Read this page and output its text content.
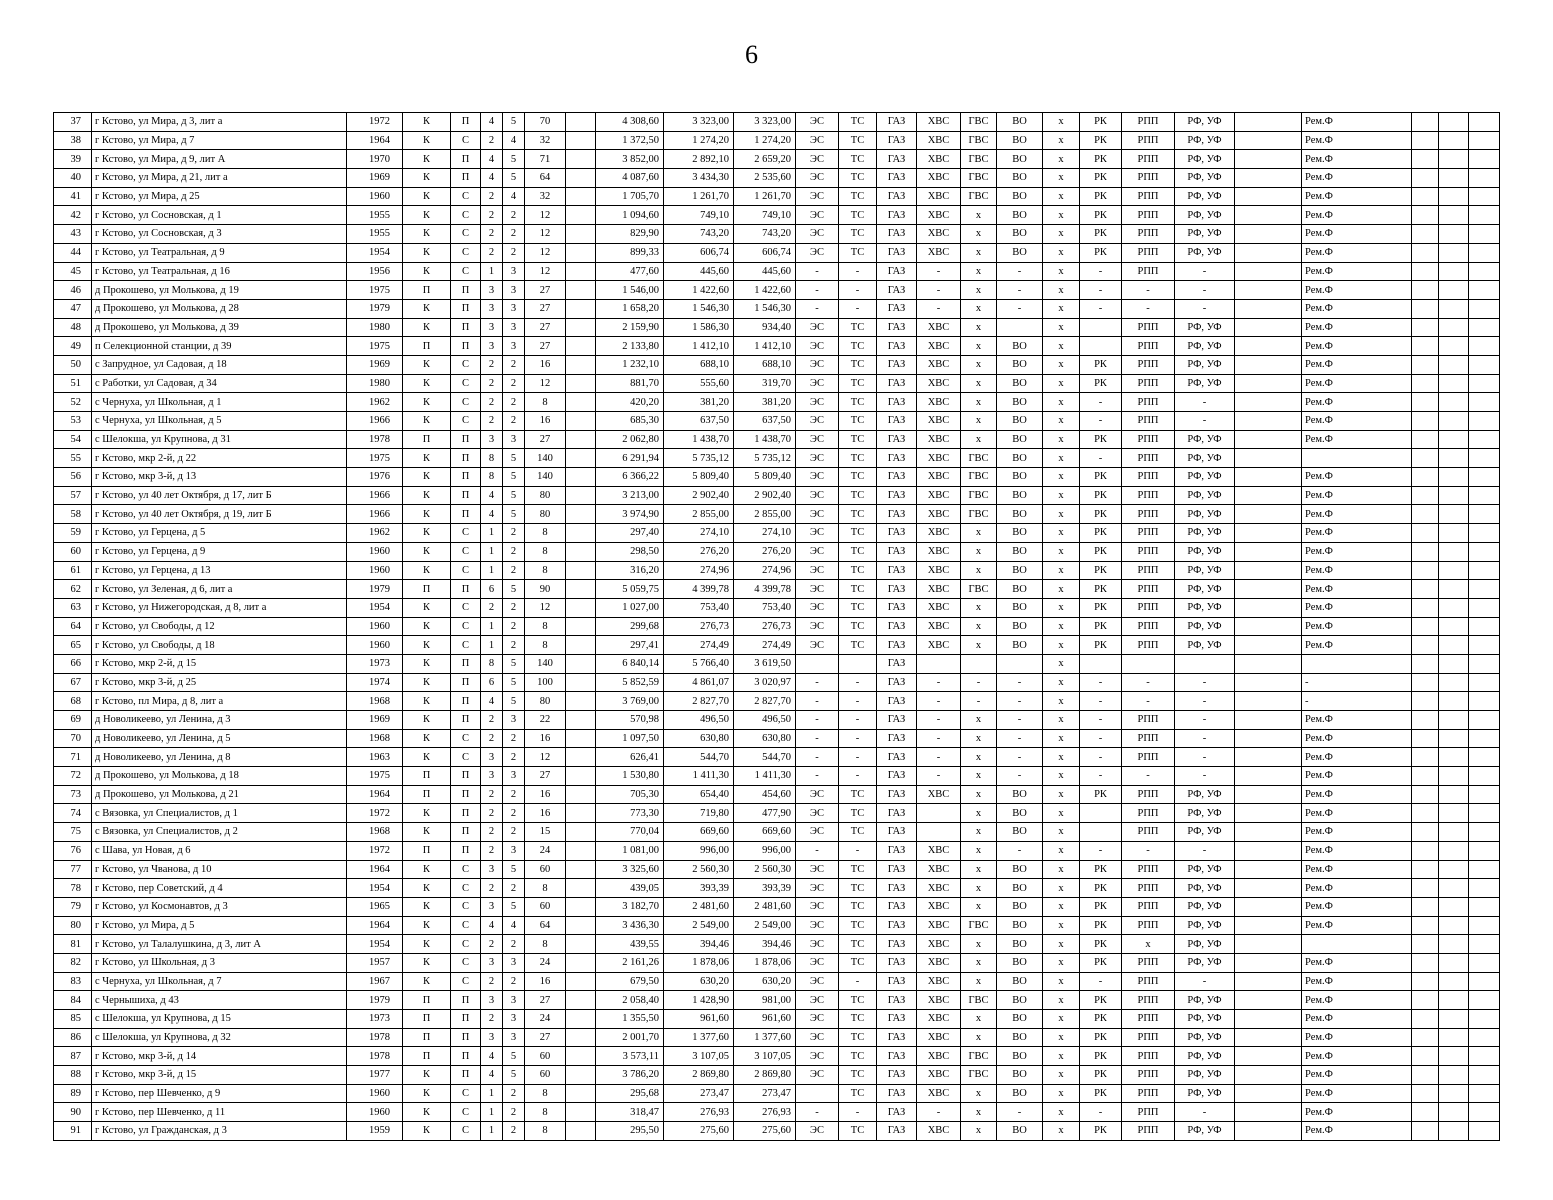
6
37	г Кстово, ул Мира, д 3, лит а	1972	К	П	4	5	70		4 308,60	3 323,00	3 323,00	ЭС	ТС	ГАЗ	ХВС	ГВС	ВО	х	РК	РПП	РФ, УФ		Рем.Ф			
38	г Кстово, ул Мира, д 7	1964	К	С	2	4	32		1 372,50	1 274,20	1 274,20	ЭС	ТС	ГАЗ	ХВС	ГВС	ВО	х	РК	РПП	РФ, УФ		Рем.Ф			
39	г Кстово, ул Мира, д 9, лит А	1970	К	П	4	5	71		3 852,00	2 892,10	2 659,20	ЭС	ТС	ГАЗ	ХВС	ГВС	ВО	х	РК	РПП	РФ, УФ		Рем.Ф			
40	г Кстово, ул Мира, д 21, лит а	1969	К	П	4	5	64		4 087,60	3 434,30	2 535,60	ЭС	ТС	ГАЗ	ХВС	ГВС	ВО	х	РК	РПП	РФ, УФ		Рем.Ф			
41	г Кстово, ул Мира, д 25	1960	К	С	2	4	32		1 705,70	1 261,70	1 261,70	ЭС	ТС	ГАЗ	ХВС	ГВС	ВО	х	РК	РПП	РФ, УФ		Рем.Ф			
42	г Кстово, ул Сосновская, д 1	1955	К	С	2	2	12		1 094,60	749,10	749,10	ЭС	ТС	ГАЗ	ХВС	х	ВО	х	РК	РПП	РФ, УФ		Рем.Ф			
43	г Кстово, ул Сосновская, д 3	1955	К	С	2	2	12		829,90	743,20	743,20	ЭС	ТС	ГАЗ	ХВС	х	ВО	х	РК	РПП	РФ, УФ		Рем.Ф			
44	г Кстово, ул Театральная, д 9	1954	К	С	2	2	12		899,33	606,74	606,74	ЭС	ТС	ГАЗ	ХВС	х	ВО	х	РК	РПП	РФ, УФ		Рем.Ф			
45	г Кстово, ул Театральная, д 16	1956	К	С	1	3	12		477,60	445,60	445,60	-	-	ГАЗ	-	х	-	х	-	РПП	-		Рем.Ф			
46	д Прокошево, ул Молькова, д 19	1975	П	П	3	3	27		1 546,00	1 422,60	1 422,60	-	-	ГАЗ	-	х	-	х	-	-	-		Рем.Ф			
47	д Прокошево, ул Молькова, д 28	1979	К	П	3	3	27		1 658,20	1 546,30	1 546,30	-	-	ГАЗ	-	х	-	х	-	-	-		Рем.Ф			
48	д Прокошево, ул Молькова, д 39	1980	К	П	3	3	27		2 159,90	1 586,30	934,40	ЭС	ТС	ГАЗ	ХВС	х		х		РПП	РФ, УФ		Рем.Ф			
49	п Селекционной станции, д 39	1975	П	П	3	3	27		2 133,80	1 412,10	1 412,10	ЭС	ТС	ГАЗ	ХВС	х	ВО	х		РПП	РФ, УФ		Рем.Ф			
50	с Запрудное, ул Садовая, д 18	1969	К	С	2	2	16		1 232,10	688,10	688,10	ЭС	ТС	ГАЗ	ХВС	х	ВО	х	РК	РПП	РФ, УФ		Рем.Ф			
51	с Работки, ул Садовая, д 34	1980	К	С	2	2	12		881,70	555,60	319,70	ЭС	ТС	ГАЗ	ХВС	х	ВО	х	РК	РПП	РФ, УФ		Рем.Ф			
52	с Чернуха, ул Школьная, д 1	1962	К	С	2	2	8		420,20	381,20	381,20	ЭС	ТС	ГАЗ	ХВС	х	ВО	х	-	РПП	-		Рем.Ф			
53	с Чернуха, ул Школьная, д 5	1966	К	С	2	2	16		685,30	637,50	637,50	ЭС	ТС	ГАЗ	ХВС	х	ВО	х	-	РПП	-		Рем.Ф			
54	с Шелокша, ул Крупнова, д 31	1978	П	П	3	3	27		2 062,80	1 438,70	1 438,70	ЭС	ТС	ГАЗ	ХВС	х	ВО	х	РК	РПП	РФ, УФ		Рем.Ф			
55	г Кстово, мкр 2-й, д 22	1975	К	П	8	5	140		6 291,94	5 735,12	5 735,12	ЭС	ТС	ГАЗ	ХВС	ГВС	ВО	х	-	РПП	РФ, УФ					
56	г Кстово, мкр 3-й, д 13	1976	К	П	8	5	140		6 366,22	5 809,40	5 809,40	ЭС	ТС	ГАЗ	ХВС	ГВС	ВО	х	РК	РПП	РФ, УФ		Рем.Ф			
57	г Кстово, ул 40 лет Октября, д 17, лит Б	1966	К	П	4	5	80		3 213,00	2 902,40	2 902,40	ЭС	ТС	ГАЗ	ХВС	ГВС	ВО	х	РК	РПП	РФ, УФ		Рем.Ф			
58	г Кстово, ул 40 лет Октября, д 19, лит Б	1966	К	П	4	5	80		3 974,90	2 855,00	2 855,00	ЭС	ТС	ГАЗ	ХВС	ГВС	ВО	х	РК	РПП	РФ, УФ		Рем.Ф			
59	г Кстово, ул Герцена, д 5	1962	К	С	1	2	8		297,40	274,10	274,10	ЭС	ТС	ГАЗ	ХВС	х	ВО	х	РК	РПП	РФ, УФ		Рем.Ф			
60	г Кстово, ул Герцена, д 9	1960	К	С	1	2	8		298,50	276,20	276,20	ЭС	ТС	ГАЗ	ХВС	х	ВО	х	РК	РПП	РФ, УФ		Рем.Ф			
61	г Кстово, ул Герцена, д 13	1960	К	С	1	2	8		316,20	274,96	274,96	ЭС	ТС	ГАЗ	ХВС	х	ВО	х	РК	РПП	РФ, УФ		Рем.Ф			
62	г Кстово, ул Зеленая, д 6, лит а	1979	П	П	6	5	90		5 059,75	4 399,78	4 399,78	ЭС	ТС	ГАЗ	ХВС	ГВС	ВО	х	РК	РПП	РФ, УФ		Рем.Ф			
63	г Кстово, ул Нижегородская, д 8, лит а	1954	К	С	2	2	12		1 027,00	753,40	753,40	ЭС	ТС	ГАЗ	ХВС	х	ВО	х	РК	РПП	РФ, УФ		Рем.Ф			
64	г Кстово, ул Свободы, д 12	1960	К	С	1	2	8		299,68	276,73	276,73	ЭС	ТС	ГАЗ	ХВС	х	ВО	х	РК	РПП	РФ, УФ		Рем.Ф			
65	г Кстово, ул Свободы, д 18	1960	К	С	1	2	8		297,41	274,49	274,49	ЭС	ТС	ГАЗ	ХВС	х	ВО	х	РК	РПП	РФ, УФ		Рем.Ф			
66	г Кстово, мкр 2-й, д 15	1973	К	П	8	5	140		6 840,14	5 766,40	3 619,50			ГАЗ				х								
67	г Кстово, мкр 3-й, д 25	1974	К	П	6	5	100		5 852,59	4 861,07	3 020,97	-	-	ГАЗ	-	-	-	х	-	-	-		-			
68	г Кстово, пл Мира, д 8, лит а	1968	К	П	4	5	80		3 769,00	2 827,70	2 827,70	-	-	ГАЗ	-	-	-	х	-	-	-		-			
69	д Новоликеево, ул Ленина, д 3	1969	К	П	2	3	22		570,98	496,50	496,50	-	-	ГАЗ	-	х	-	х	-	РПП	-		Рем.Ф			
70	д Новоликеево, ул Ленина, д 5	1968	К	С	2	2	16		1 097,50	630,80	630,80	-	-	ГАЗ	-	х	-	х	-	РПП	-		Рем.Ф			
71	д Новоликеево, ул Ленина, д 8	1963	К	С	3	2	12		626,41	544,70	544,70	-	-	ГАЗ	-	х	-	х	-	РПП	-		Рем.Ф			
72	д Прокошево, ул Молькова, д 18	1975	П	П	3	3	27		1 530,80	1 411,30	1 411,30	-	-	ГАЗ	-	х	-	х	-	-	-		Рем.Ф			
73	д Прокошево, ул Молькова, д 21	1964	П	П	2	2	16		705,30	654,40	454,60	ЭС	ТС	ГАЗ	ХВС	х	ВО	х	РК	РПП	РФ, УФ		Рем.Ф			
74	с Вязовка, ул Специалистов, д 1	1972	К	П	2	2	16		773,30	719,80	477,90	ЭС	ТС	ГАЗ		х	ВО	х		РПП	РФ, УФ		Рем.Ф			
75	с Вязовка, ул Специалистов, д 2	1968	К	П	2	2	15		770,04	669,60	669,60	ЭС	ТС	ГАЗ		х	ВО	х		РПП	РФ, УФ		Рем.Ф			
76	с Шава, ул Новая, д 6	1972	П	П	2	3	24		1 081,00	996,00	996,00	-	-	ГАЗ	ХВС	х	-	х	-	-	-		Рем.Ф			
77	г Кстово, ул Чванова, д 10	1964	К	С	3	5	60		3 325,60	2 560,30	2 560,30	ЭС	ТС	ГАЗ	ХВС	х	ВО	х	РК	РПП	РФ, УФ		Рем.Ф			
78	г Кстово, пер Советский, д 4	1954	К	С	2	2	8		439,05	393,39	393,39	ЭС	ТС	ГАЗ	ХВС	х	ВО	х	РК	РПП	РФ, УФ		Рем.Ф			
79	г Кстово, ул Космонавтов, д 3	1965	К	С	3	5	60		3 182,70	2 481,60	2 481,60	ЭС	ТС	ГАЗ	ХВС	х	ВО	х	РК	РПП	РФ, УФ		Рем.Ф			
80	г Кстово, ул Мира, д 5	1964	К	С	4	4	64		3 436,30	2 549,00	2 549,00	ЭС	ТС	ГАЗ	ХВС	ГВС	ВО	х	РК	РПП	РФ, УФ		Рем.Ф			
81	г Кстово, ул Талалушкина, д 3, лит А	1954	К	С	2	2	8		439,55	394,46	394,46	ЭС	ТС	ГАЗ	ХВС	х	ВО	х	РК	х	РФ, УФ					
82	г Кстово, ул Школьная, д 3	1957	К	С	3	3	24		2 161,26	1 878,06	1 878,06	ЭС	ТС	ГАЗ	ХВС	х	ВО	х	РК	РПП	РФ, УФ		Рем.Ф			
83	с Чернуха, ул Школьная, д 7	1967	К	С	2	2	16		679,50	630,20	630,20	ЭС	-	ГАЗ	ХВС	х	ВО	х	-	РПП	-		Рем.Ф			
84	с Чернышиха, д 43	1979	П	П	3	3	27		2 058,40	1 428,90	981,00	ЭС	ТС	ГАЗ	ХВС	ГВС	ВО	х	РК	РПП	РФ, УФ		Рем.Ф			
85	с Шелокша, ул Крупнова, д 15	1973	П	П	2	3	24		1 355,50	961,60	961,60	ЭС	ТС	ГАЗ	ХВС	х	ВО	х	РК	РПП	РФ, УФ		Рем.Ф			
86	с Шелокша, ул Крупнова, д 32	1978	П	П	3	3	27		2 001,70	1 377,60	1 377,60	ЭС	ТС	ГАЗ	ХВС	х	ВО	х	РК	РПП	РФ, УФ		Рем.Ф			
87	г Кстово, мкр 3-й, д 14	1978	П	П	4	5	60		3 573,11	3 107,05	3 107,05	ЭС	ТС	ГАЗ	ХВС	ГВС	ВО	х	РК	РПП	РФ, УФ		Рем.Ф			
88	г Кстово, мкр 3-й, д 15	1977	К	П	4	5	60		3 786,20	2 869,80	2 869,80	ЭС	ТС	ГАЗ	ХВС	ГВС	ВО	х	РК	РПП	РФ, УФ		Рем.Ф			
89	г Кстово, пер Шевченко, д 9	1960	К	С	1	2	8		295,68	273,47	273,47		ТС	ГАЗ	ХВС	х	ВО	х	РК	РПП	РФ, УФ		Рем.Ф			
90	г Кстово, пер Шевченко, д 11	1960	К	С	1	2	8		318,47	276,93	276,93	-	-	ГАЗ	-	х	-	х	-	РПП	-		Рем.Ф			
91	г Кстово, ул Гражданская, д 3	1959	К	С	1	2	8		295,50	275,60	275,60	ЭС	ТС	ГАЗ	ХВС	х	ВО	х	РК	РПП	РФ, УФ		Рем.Ф			
